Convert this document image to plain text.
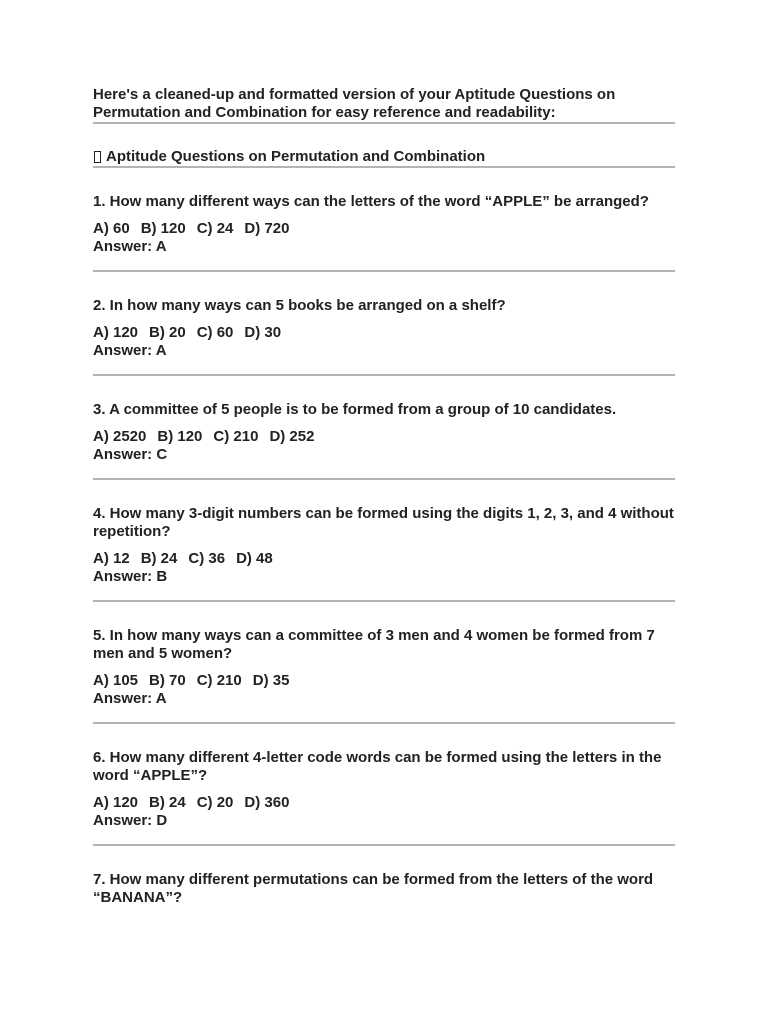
Here's a cleaned-up and formatted version of your Aptitude Questions on Permutation and Combination for easy reference and readability:

Aptitude Questions on Permutation and Combination

1. How many different ways can the letters of the word “APPLE” be arranged?

A) 60 B) 120 C) 24 D) 720
Answer: A

2. In how many ways can 5 books be arranged on a shelf?

A) 120 B) 20 C) 60 D) 30
Answer: A

3. A committee of 5 people is to be formed from a group of 10 candidates.

A) 2520 B) 120 C) 210 D) 252
Answer: C

4. How many 3-digit numbers can be formed using the digits 1, 2, 3, and 4 without repetition?

A) 12 B) 24 C) 36 D) 48
Answer: B

5. In how many ways can a committee of 3 men and 4 women be formed from 7 men and 5 women?

A) 105 B) 70 C) 210 D) 35
Answer: A

6. How many different 4-letter code words can be formed using the letters in the word “APPLE”?

A) 120 B) 24 C) 20 D) 360
Answer: D

7. How many different permutations can be formed from the letters of the word “BANANA”?
